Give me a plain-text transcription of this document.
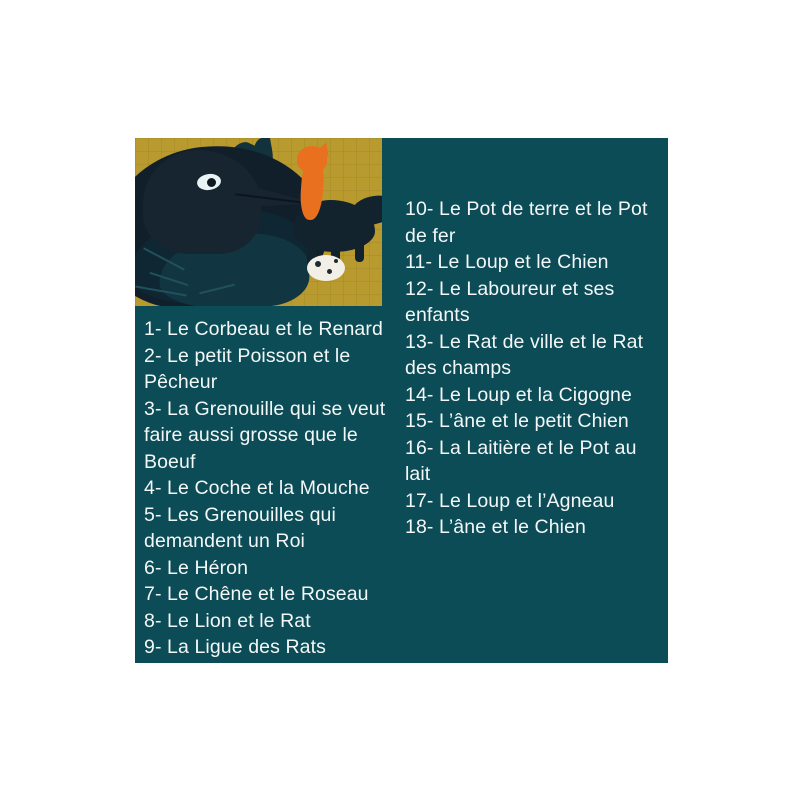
1- Le Corbeau et le Renard
2- Le petit Poisson et le Pêcheur
3- La Grenouille qui se veut faire aussi grosse que le Boeuf
4- Le Coche et la Mouche
5- Les Grenouilles qui demandent un Roi
6- Le Héron
7- Le Chêne et le Roseau
8- Le Lion et le Rat
9- La Ligue des Rats
10- Le Pot de terre et le Pot de fer
11- Le Loup et le Chien
12- Le Laboureur et ses enfants
13- Le Rat de ville et le Rat des champs
14- Le Loup et la Cigogne
15- L’âne et le petit Chien
16- La Laitière et le Pot au lait
17- Le Loup et l’Agneau
18- L’âne et le Chien
